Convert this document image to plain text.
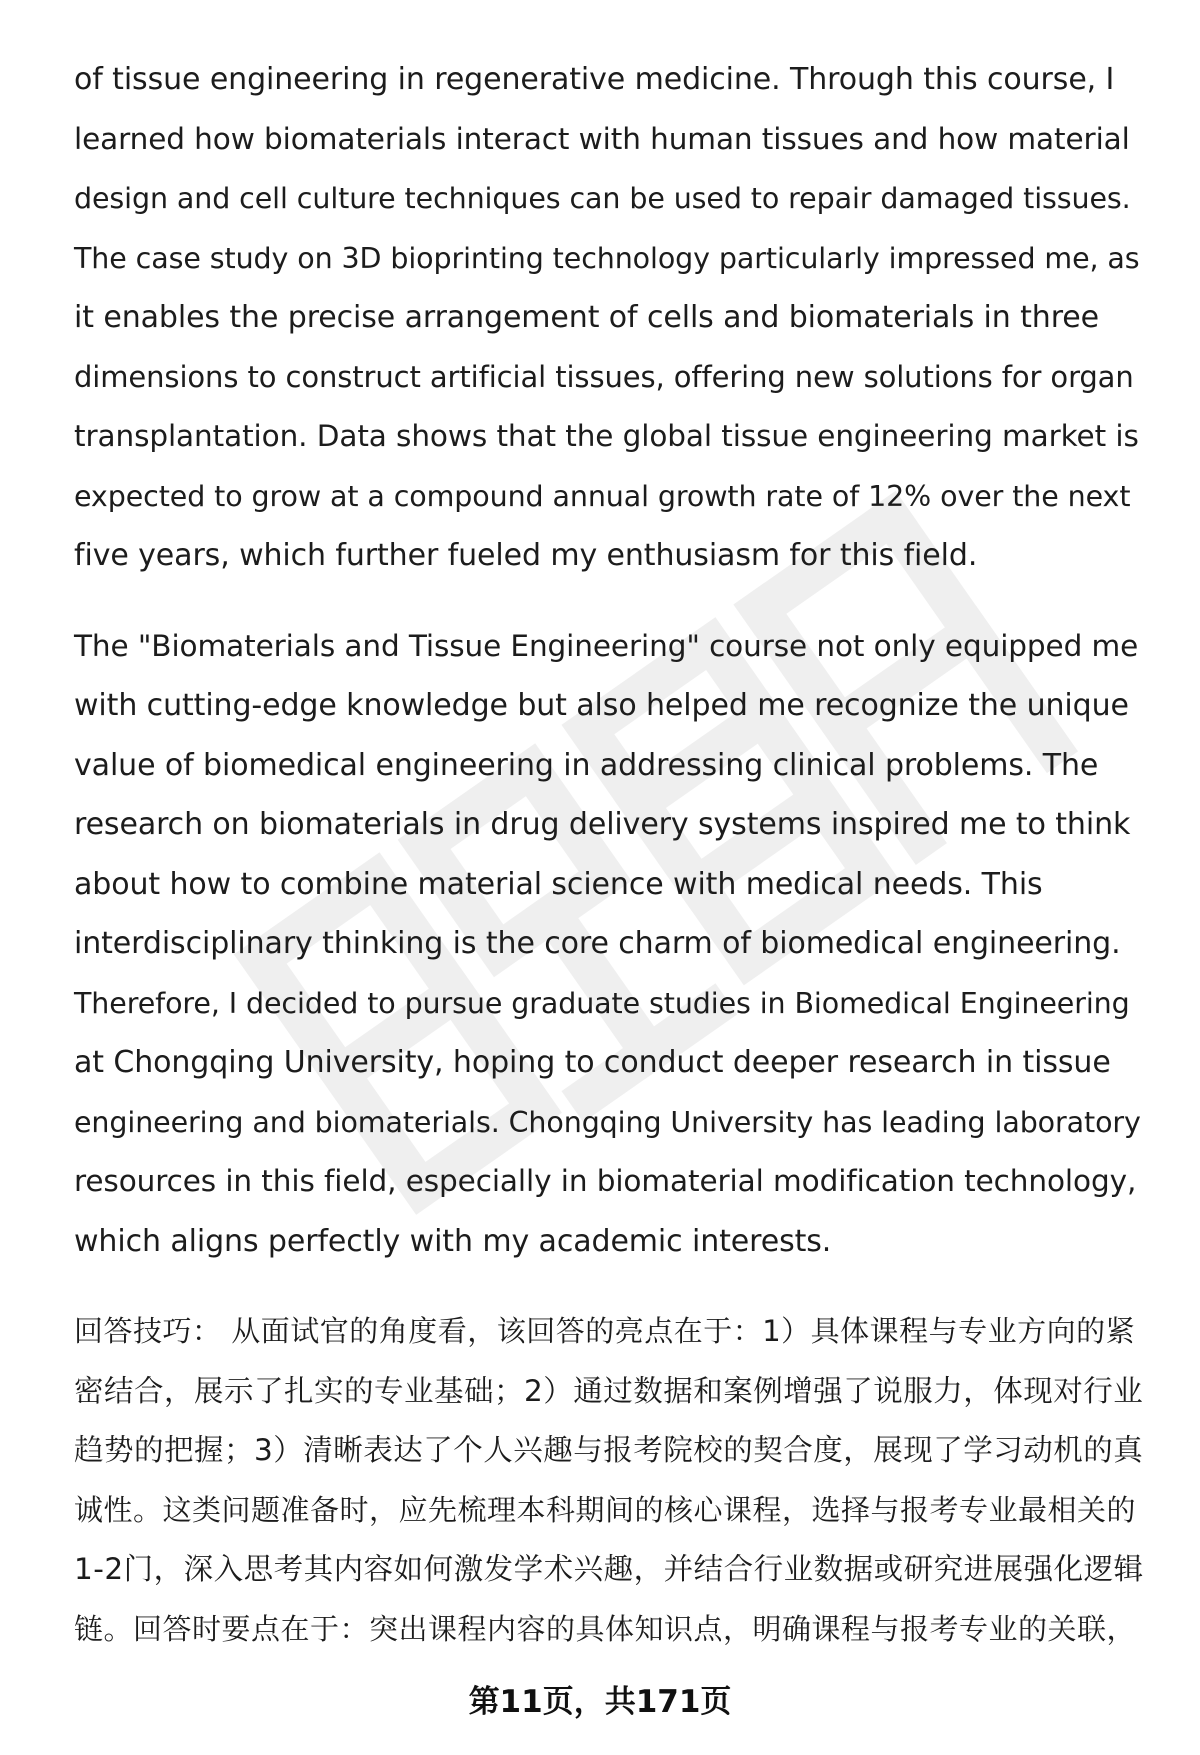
of tissue engineering in regenerative medicine. Through this course, I
learned how biomaterials interact with human tissues and how material
design and cell culture techniques can be used to repair damaged tissues.
The case study on 3D bioprinting technology particularly impressed me, as
it enables the precise arrangement of cells and biomaterials in three
dimensions to construct artificial tissues, offering new solutions for organ
transplantation. Data shows that the global tissue engineering market is
expected to grow at a compound annual growth rate of 12% over the next
five years, which further fueled my enthusiasm for this field.

The "Biomaterials and Tissue Engineering" course not only equipped me
with cutting-edge knowledge but also helped me recognize the unique
value of biomedical engineering in addressing clinical problems. The
research on biomaterials in drug delivery systems inspired me to think
about how to combine material science with medical needs. This
interdisciplinary thinking is the core charm of biomedical engineering.
Therefore, I decided to pursue graduate studies in Biomedical Engineering
at Chongqing University, hoping to conduct deeper research in tissue
engineering and biomaterials. Chongqing University has leading laboratory
resources in this field, especially in biomaterial modification technology,
which aligns perfectly with my academic interests.

回答技巧： 从面试官的角度看，该回答的亮点在于：1）具体课程与专业方向的紧
密结合，展示了扎实的专业基础；2）通过数据和案例增强了说服力，体现对行业
趋势的把握；3）清晰表达了个人兴趣与报考院校的契合度，展现了学习动机的真
诚性。这类问题准备时，应先梳理本科期间的核心课程，选择与报考专业最相关的
1-2门，深入思考其内容如何激发学术兴趣，并结合行业数据或研究进展强化逻辑
链。回答时要点在于：突出课程内容的具体知识点，明确课程与报考专业的关联，

第11页，共171页
